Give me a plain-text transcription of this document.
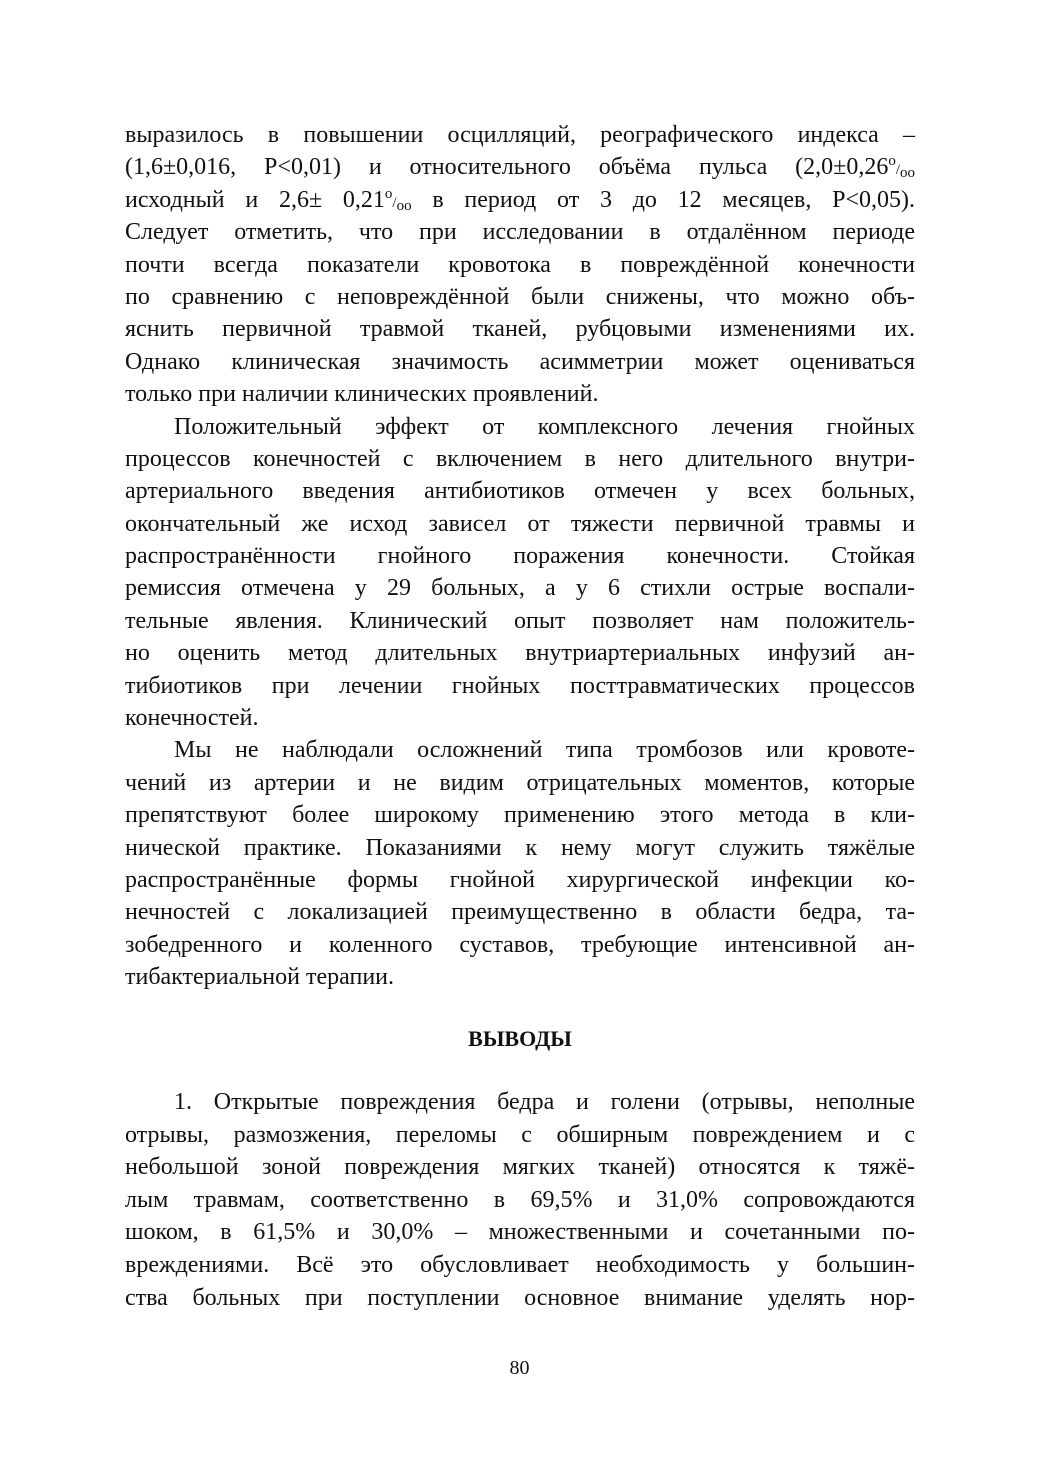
выразилось в повышении осцилляций, реографического индекса –
(1,6±0,016, Р<0,01) и относительного объёма пульса ($2,0\pm 0,26^о/_{оо}$
исходный и $2,6\pm 0,21^о/_{оо}$ в период от 3 до 12 месяцев, Р<0,05).
Следует отметить, что при исследовании в отдалённом периоде
почти всегда показатели кровотока в повреждённой конечности
по сравнению с неповреждённой были снижены, что можно объ-
яснить первичной травмой тканей, рубцовыми изменениями их.
Однако клиническая значимость асимметрии может оцениваться
только при наличии клинических проявлений.
Положительный эффект от комплексного лечения гнойных
процессов конечностей с включением в него длительного внутри-
артериального введения антибиотиков отмечен у всех больных,
окончательный же исход зависел от тяжести первичной травмы и
распространённости гнойного поражения конечности. Стойкая
ремиссия отмечена у 29 больных, а у 6 стихли острые воспали-
тельные явления. Клинический опыт позволяет нам положитель-
но оценить метод длительных внутриартериальных инфузий ан-
тибиотиков при лечении гнойных посттравматических процессов
конечностей.
Мы не наблюдали осложнений типа тромбозов или кровоте-
чений из артерии и не видим отрицательных моментов, которые
препятствуют более широкому применению этого метода в кли-
нической практике. Показаниями к нему могут служить тяжёлые
распространённые формы гнойной хирургической инфекции ко-
нечностей с локализацией преимущественно в области бедра, та-
зобедренного и коленного суставов, требующие интенсивной ан-
тибактериальной терапии.
ВЫВОДЫ
1. Открытые повреждения бедра и голени (отрывы, неполные
отрывы, размозжения, переломы с обширным повреждением и с
небольшой зоной повреждения мягких тканей) относятся к тяжё-
лым травмам, соответственно в 69,5% и 31,0% сопровождаются
шоком, в 61,5% и 30,0% – множественными и сочетанными по-
вреждениями. Всё это обусловливает необходимость у большин-
ства больных при поступлении основное внимание уделять нор-
80
